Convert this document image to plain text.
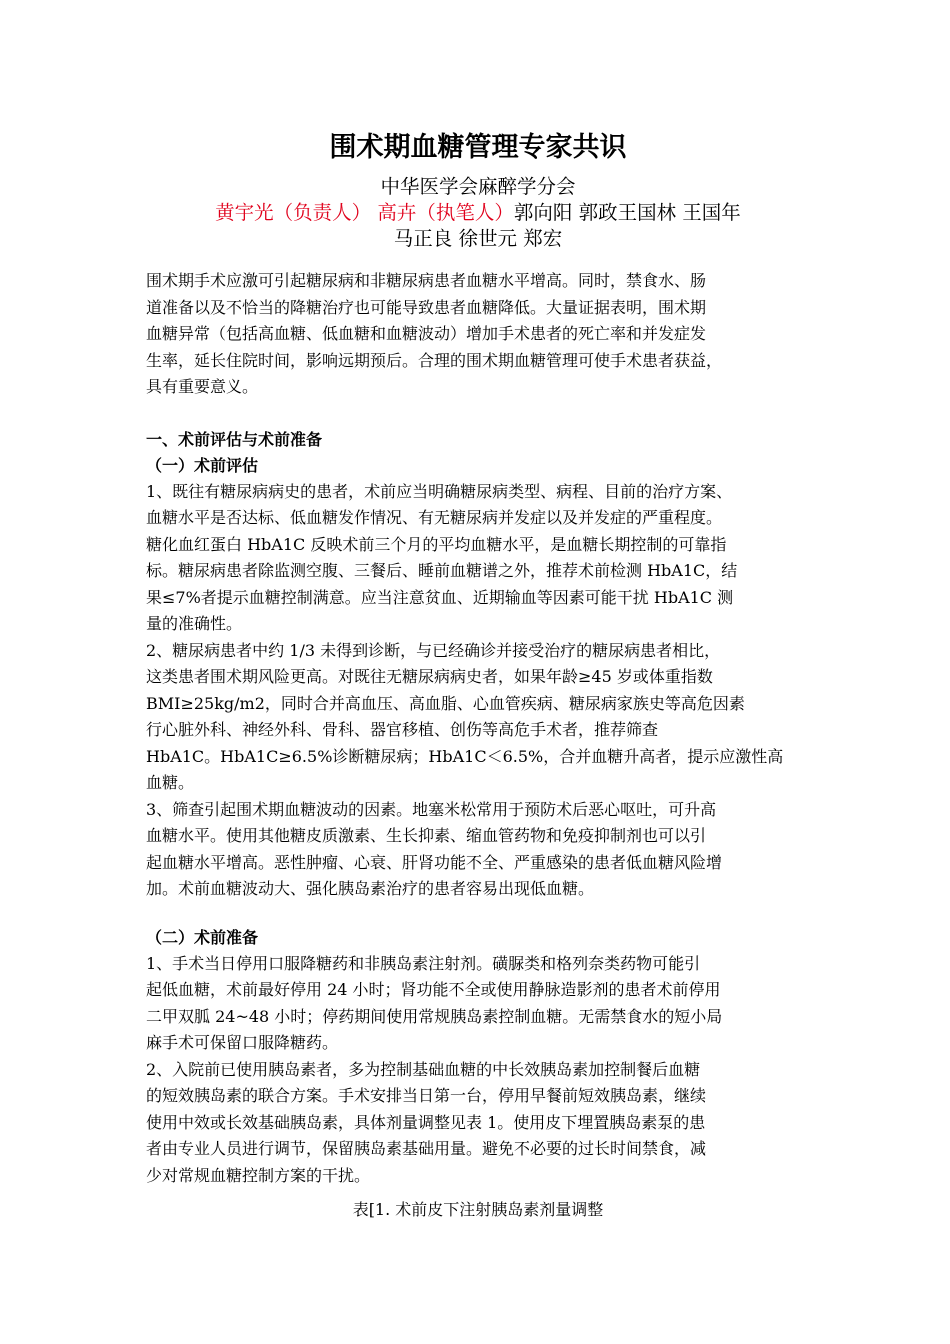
围术期血糖管理专家共识
中华医学会麻醉学分会
黄宇光（负责人） 高卉（执笔人）郭向阳 郭政王国林 王国年
马正良 徐世元 郑宏
围术期手术应激可引起糖尿病和非糖尿病患者血糖水平增高。同时，禁食水、肠
道准备以及不恰当的降糖治疗也可能导致患者血糖降低。大量证据表明，围术期
血糖异常（包括高血糖、低血糖和血糖波动）增加手术患者的死亡率和并发症发
生率，延长住院时间，影响远期预后。合理的围术期血糖管理可使手术患者获益，
具有重要意义。
一、术前评估与术前准备
（一）术前评估
1、既往有糖尿病病史的患者，术前应当明确糖尿病类型、病程、目前的治疗方案、
血糖水平是否达标、低血糖发作情况、有无糖尿病并发症以及并发症的严重程度。
糖化血红蛋白 HbA1C 反映术前三个月的平均血糖水平，是血糖长期控制的可靠指
标。糖尿病患者除监测空腹、三餐后、睡前血糖谱之外，推荐术前检测 HbA1C，结
果≤7%者提示血糖控制满意。应当注意贫血、近期输血等因素可能干扰 HbA1C 测
量的准确性。
2、糖尿病患者中约 1/3 未得到诊断，与已经确诊并接受治疗的糖尿病患者相比，
这类患者围术期风险更高。对既往无糖尿病病史者，如果年龄≥45 岁或体重指数
BMI≥25kg/m2，同时合并高血压、高血脂、心血管疾病、糖尿病家族史等高危因素
行心脏外科、神经外科、骨科、器官移植、创伤等高危手术者，推荐筛查
HbA1C。HbA1C≥6.5%诊断糖尿病；HbA1C＜6.5%，合并血糖升高者，提示应激性高
血糖。
3、筛查引起围术期血糖波动的因素。地塞米松常用于预防术后恶心呕吐，可升高
血糖水平。使用其他糖皮质激素、生长抑素、缩血管药物和免疫抑制剂也可以引
起血糖水平增高。恶性肿瘤、心衰、肝肾功能不全、严重感染的患者低血糖风险增
加。术前血糖波动大、强化胰岛素治疗的患者容易出现低血糖。
（二）术前准备
1、手术当日停用口服降糖药和非胰岛素注射剂。磺脲类和格列奈类药物可能引
起低血糖，术前最好停用 24 小时；肾功能不全或使用静脉造影剂的患者术前停用
二甲双胍 24~48 小时；停药期间使用常规胰岛素控制血糖。无需禁食水的短小局
麻手术可保留口服降糖药。
2、入院前已使用胰岛素者，多为控制基础血糖的中长效胰岛素加控制餐后血糖
的短效胰岛素的联合方案。手术安排当日第一台，停用早餐前短效胰岛素，继续
使用中效或长效基础胰岛素，具体剂量调整见表 1。使用皮下埋置胰岛素泵的患
者由专业人员进行调节，保留胰岛素基础用量。避免不必要的过长时间禁食，减
少对常规血糖控制方案的干扰。
表[1. 术前皮下注射胰岛素剂量调整
